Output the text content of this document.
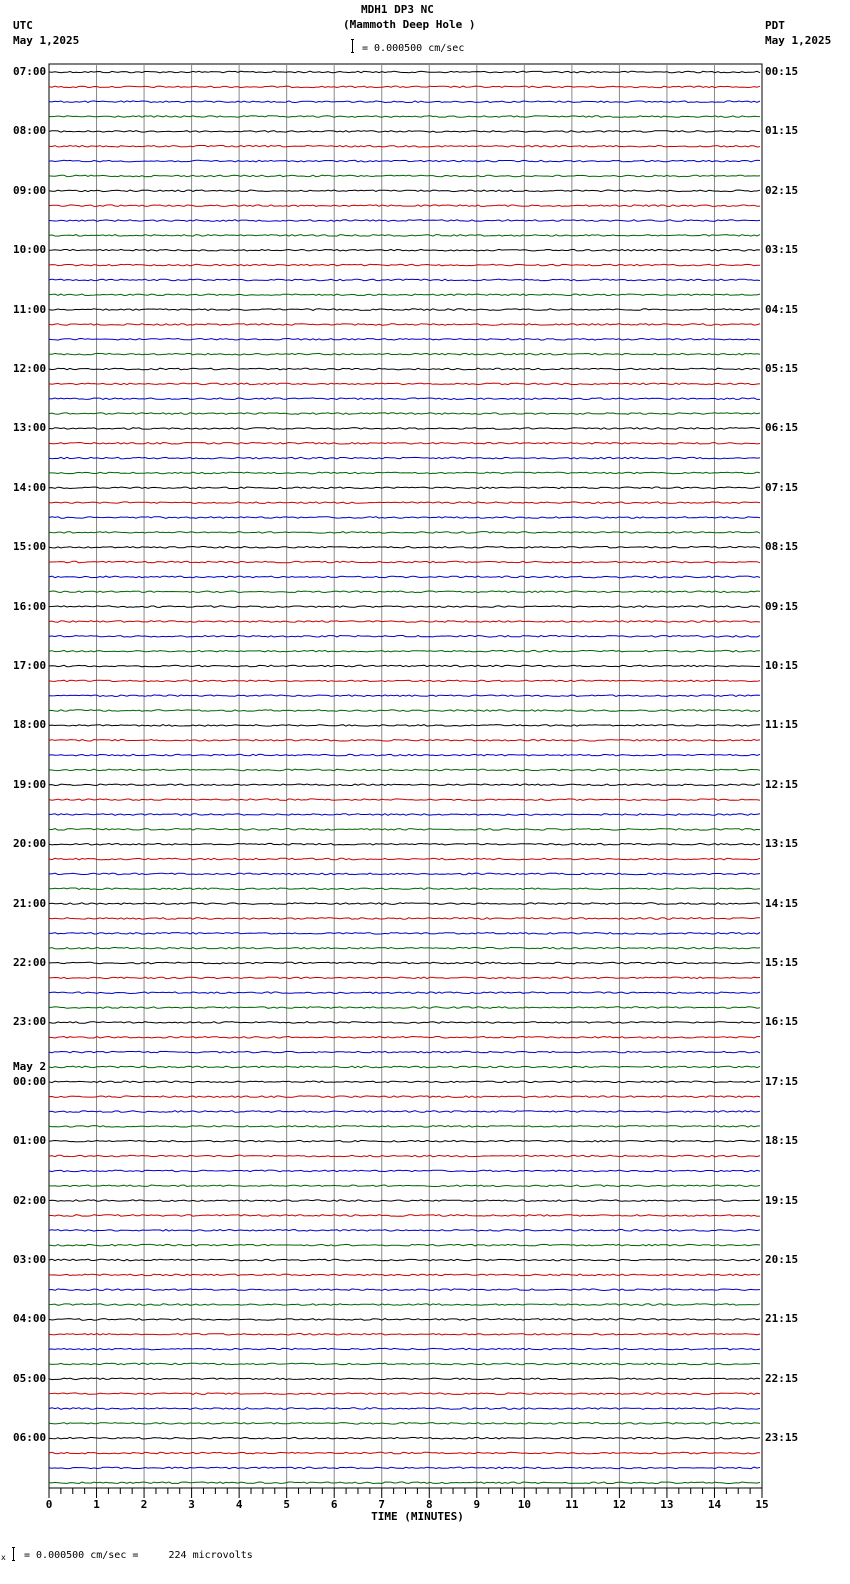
MDH1 DP3 NC
(Mammoth Deep Hole )
= 0.000500 cm/sec
UTC
May 1,2025
PDT
May 1,2025
0	1	2	3	4	5	6	7	8	9	10	11	12	13	14	15
TIME (MINUTES)
07:00	00:15
08:00	01:15
09:00	02:15
10:00	03:15
11:00	04:15
12:00	05:15
13:00	06:15
14:00	07:15
15:00	08:15
16:00	09:15
17:00	10:15
18:00	11:15
19:00	12:15
20:00	13:15
21:00	14:15
22:00	15:15
23:00	16:15
00:00	17:15
May 2
01:00	18:15
02:00	19:15
03:00	20:15
04:00	21:15
05:00	22:15
06:00	23:15
x = 0.000500 cm/sec =     224 microvolts
